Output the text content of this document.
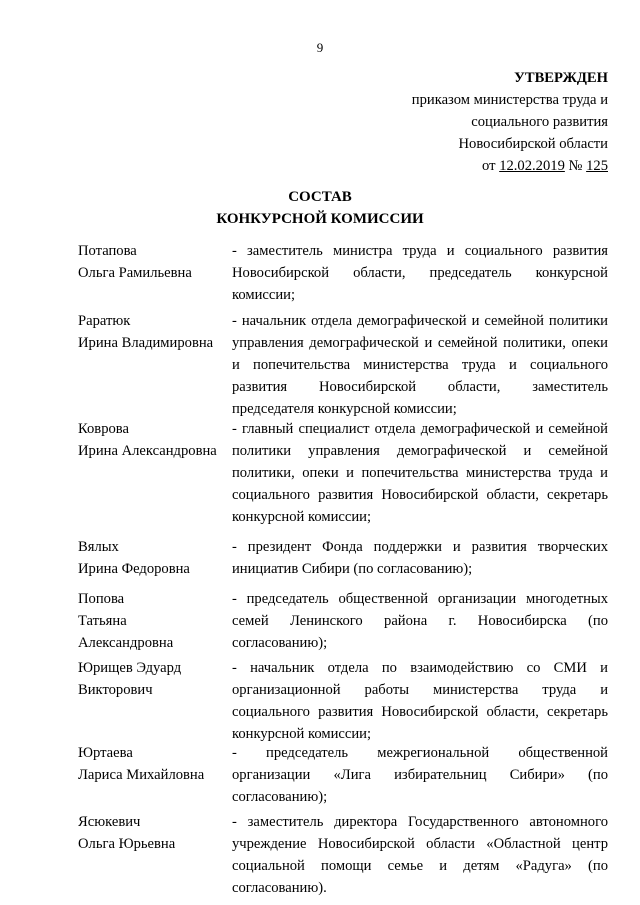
9
УТВЕРЖДЕН
приказом министерства труда и
социального развития
Новосибирской области
от 12.02.2019 № 125
СОСТАВ
КОНКУРСНОЙ КОМИССИИ
Потапова
Ольга Рамильевна
- заместитель министра труда и социального развития Новосибирской области, председатель конкурсной комиссии;
Раратюк
Ирина Владимировна
- начальник отдела демографической и семейной политики управления демографической и семейной политики, опеки и попечительства министерства труда и социального развития Новосибирской области, заместитель председателя конкурсной комиссии;
Коврова
Ирина Александровна
- главный специалист отдела демографической и семейной политики управления демографической и семейной политики, опеки и попечительства министерства труда и социального развития Новосибирской области, секретарь конкурсной комиссии;
Вялых
Ирина Федоровна
- президент Фонда поддержки и развития творческих инициатив Сибири (по согласованию);
Попова
Татьяна
Александровна
- председатель общественной организации многодетных семей Ленинского района г. Новосибирска (по согласованию);
Юрищев Эдуард
Викторович
- начальник отдела по взаимодействию со СМИ и организационной работы министерства труда и социального развития Новосибирской области, секретарь конкурсной комиссии;
Юртаева
Лариса Михайловна
- председатель межрегиональной общественной организации «Лига избирательниц Сибири» (по согласованию);
Ясюкевич
Ольга Юрьевна
- заместитель директора Государственного автономного учреждение Новосибирской области «Областной центр социальной помощи семье и детям «Радуга» (по согласованию).
